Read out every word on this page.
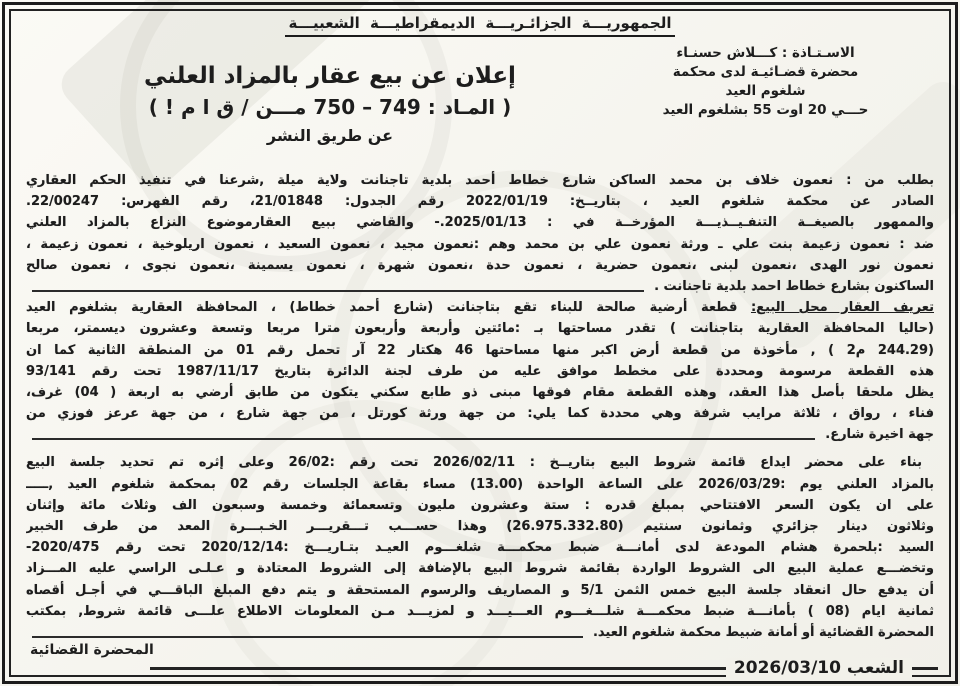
الجمهوريـــة الجزائـريـــة الديمقراطيـــة الشعبيـــة
الاسـتـاذة : كـــلاش حسنـاء
محضرة قضـائيـة لدى محكمة
شلغوم العيد
حـــي 20 اوت 55 بشلغوم العيد
إعلان عن بيع عقار بالمزاد العلني
( المـاد : 749 ‏–‏ 750 مـــن / ق ا م ! )
عن طريق النشر
بطلب من : نعمون خلاف بن محمد الساكن شارع خطاط أحمد بلدية تاجنانت ولاية ميلة ,شرعنا في تنفيذ الحكم العقاري
الصادر عن محكمة شلغوم العيد ، بتاريــخ: 2022/01/19 رقم الجدول: 21/01848، رقم الفهرس: 22/00247.
والممهور بالصيغــة التنفـيــذيـــة المؤرخــة في : 2025/01/13.- والقاضي ببيع العقارموضوع النزاع بالمزاد العلني
ضد : نعمون زعيمة بنت علي ـ ورثة نعمون علي بن محمد وهم :نعمون مجيد ، نعمون السعيد ، نعمون اريلوخية ، نعمون زعيمة ،
نعمون نور الهدى ،نعمون لبنى ،نعمون حضرية ، نعمون حدة ،نعمون شهرة ، نعمون يسمينة ،نعمون نجوى ، نعمون صالح
الساكنون بشارع خطاط احمد بلدية تاجنانت .
تعريف العقار محل البيع: قطعة أرضية صالحة للبناء تقع بتاجنانت (شارع أحمد خطاط) ، المحافظة العقارية بشلغوم العيد
(حاليا المحافظة العقارية بتاجنانت ) تقدر مساحتها بـ :مائتين وأربعة وأربعون مترا مربعا وتسعة وعشرون ديسمتر، مربعا
(244.29 م2 ) , مأخوذة من قطعة أرض اكبر منها مساحتها 46 هكتار 22 آر تحمل رقم 01 من المنطقة الثانية كما ان
هذه القطعة مرسومة ومحددة على مخطط موافق عليه من طرف لجنة الدائرة بتاريخ 1987/11/17 تحت رقم 93/141
يظل ملحقا بأصل هذا العقد، وهذه القطعة مقام فوقها مبنى ذو طابع سكني يتكون من طابق أرضي به اربعة ( 04) غرف،
فناء ، رواق ، ثلاثة مرايب شرفة وهي محددة كما يلي: من جهة ورثة كورتل ، من جهة شارع ، من جهة عرعز فوزي من
جهة اخيرة شارع.
بناء على محضر ايداع قائمة شروط البيع بتاريــخ : 2026/02/11 تحت رقم :26/02 وعلى إثره تم تحديد جلسة البيع
بالمزاد العلني يوم :2026/03/29 على الساعة الواحدة (13.00) مساء بقاعة الجلسات رقم 02 بمحكمة شلغوم العيد ,ـــــ
على ان يكون السعر الافتتاحي بمبلغ قدره : ستة وعشرون مليون وتسعمائة وخمسة وسبعون الف وثلاث مائة وإثنان
وثلاثون دينار جزائري وثمانون سنتيم (26.975.332.80) وهذا حســـب تـــقريـــر الخـبـــرة المعد من طرف الخبير
السيد :بلحمرة هشام المودعة لدى أمانـــة ضبط محكمـــة شلغـــوم العيـد بتـاريـــخ :2020/12/14 تحت رقم 2020/475-
وتخضـــع عملية البيع الى الشروط الواردة بقائمة شروط البيع بالإضافة إلى الشروط المعتادة و عـلـى الراسي عليه المـــزاد
أن يدفع حال انعقاد جلسة البيع خمس الثمن 5/1 و المصاريف والرسوم المستحقة و يتم دفع المبلغ الباقـــي في أجـل أقصاه
ثمانية ايام (08 ) بأمانـــة ضبط محكمـــة شلـــغـــوم العـــيـــد و لمزيـــد مـن المعلومات الاطلاع علـــى قائمة شروط, بمكتب
المحضرة القضائية أو أمانة ضبيط محكمة شلغوم العيد.
المحضرة القضائية
الشعب 2026/03/10
